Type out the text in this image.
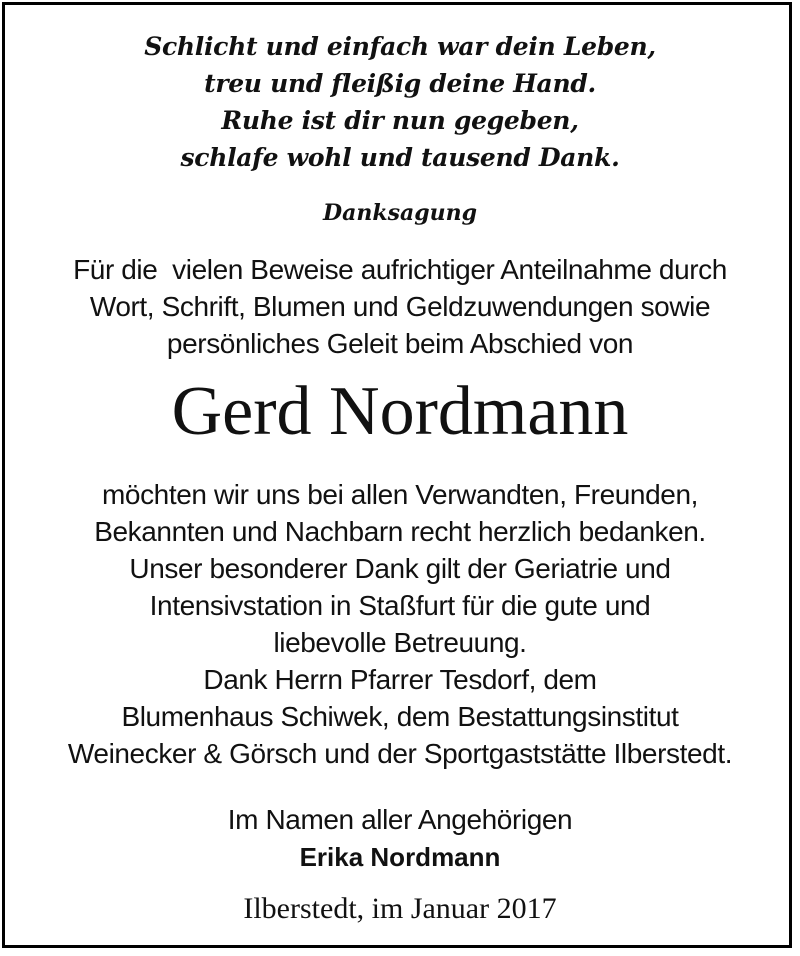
Schlicht und einfach war dein Leben,
treu und fleißig deine Hand.
Ruhe ist dir nun gegeben,
schlafe wohl und tausend Dank.
Danksagung
Für die  vielen Beweise aufrichtiger Anteilnahme durch
Wort, Schrift, Blumen und Geldzuwendungen sowie
persönliches Geleit beim Abschied von
Gerd Nordmann
möchten wir uns bei allen Verwandten, Freunden,
Bekannten und Nachbarn recht herzlich bedanken.
Unser besonderer Dank gilt der Geriatrie und
Intensivstation in Staßfurt für die gute und
liebevolle Betreuung.
Dank Herrn Pfarrer Tesdorf, dem
Blumenhaus Schiwek, dem Bestattungsinstitut
Weinecker & Görsch und der Sportgaststätte Ilberstedt.
Im Namen aller Angehörigen
Erika Nordmann
Ilberstedt, im Januar 2017
